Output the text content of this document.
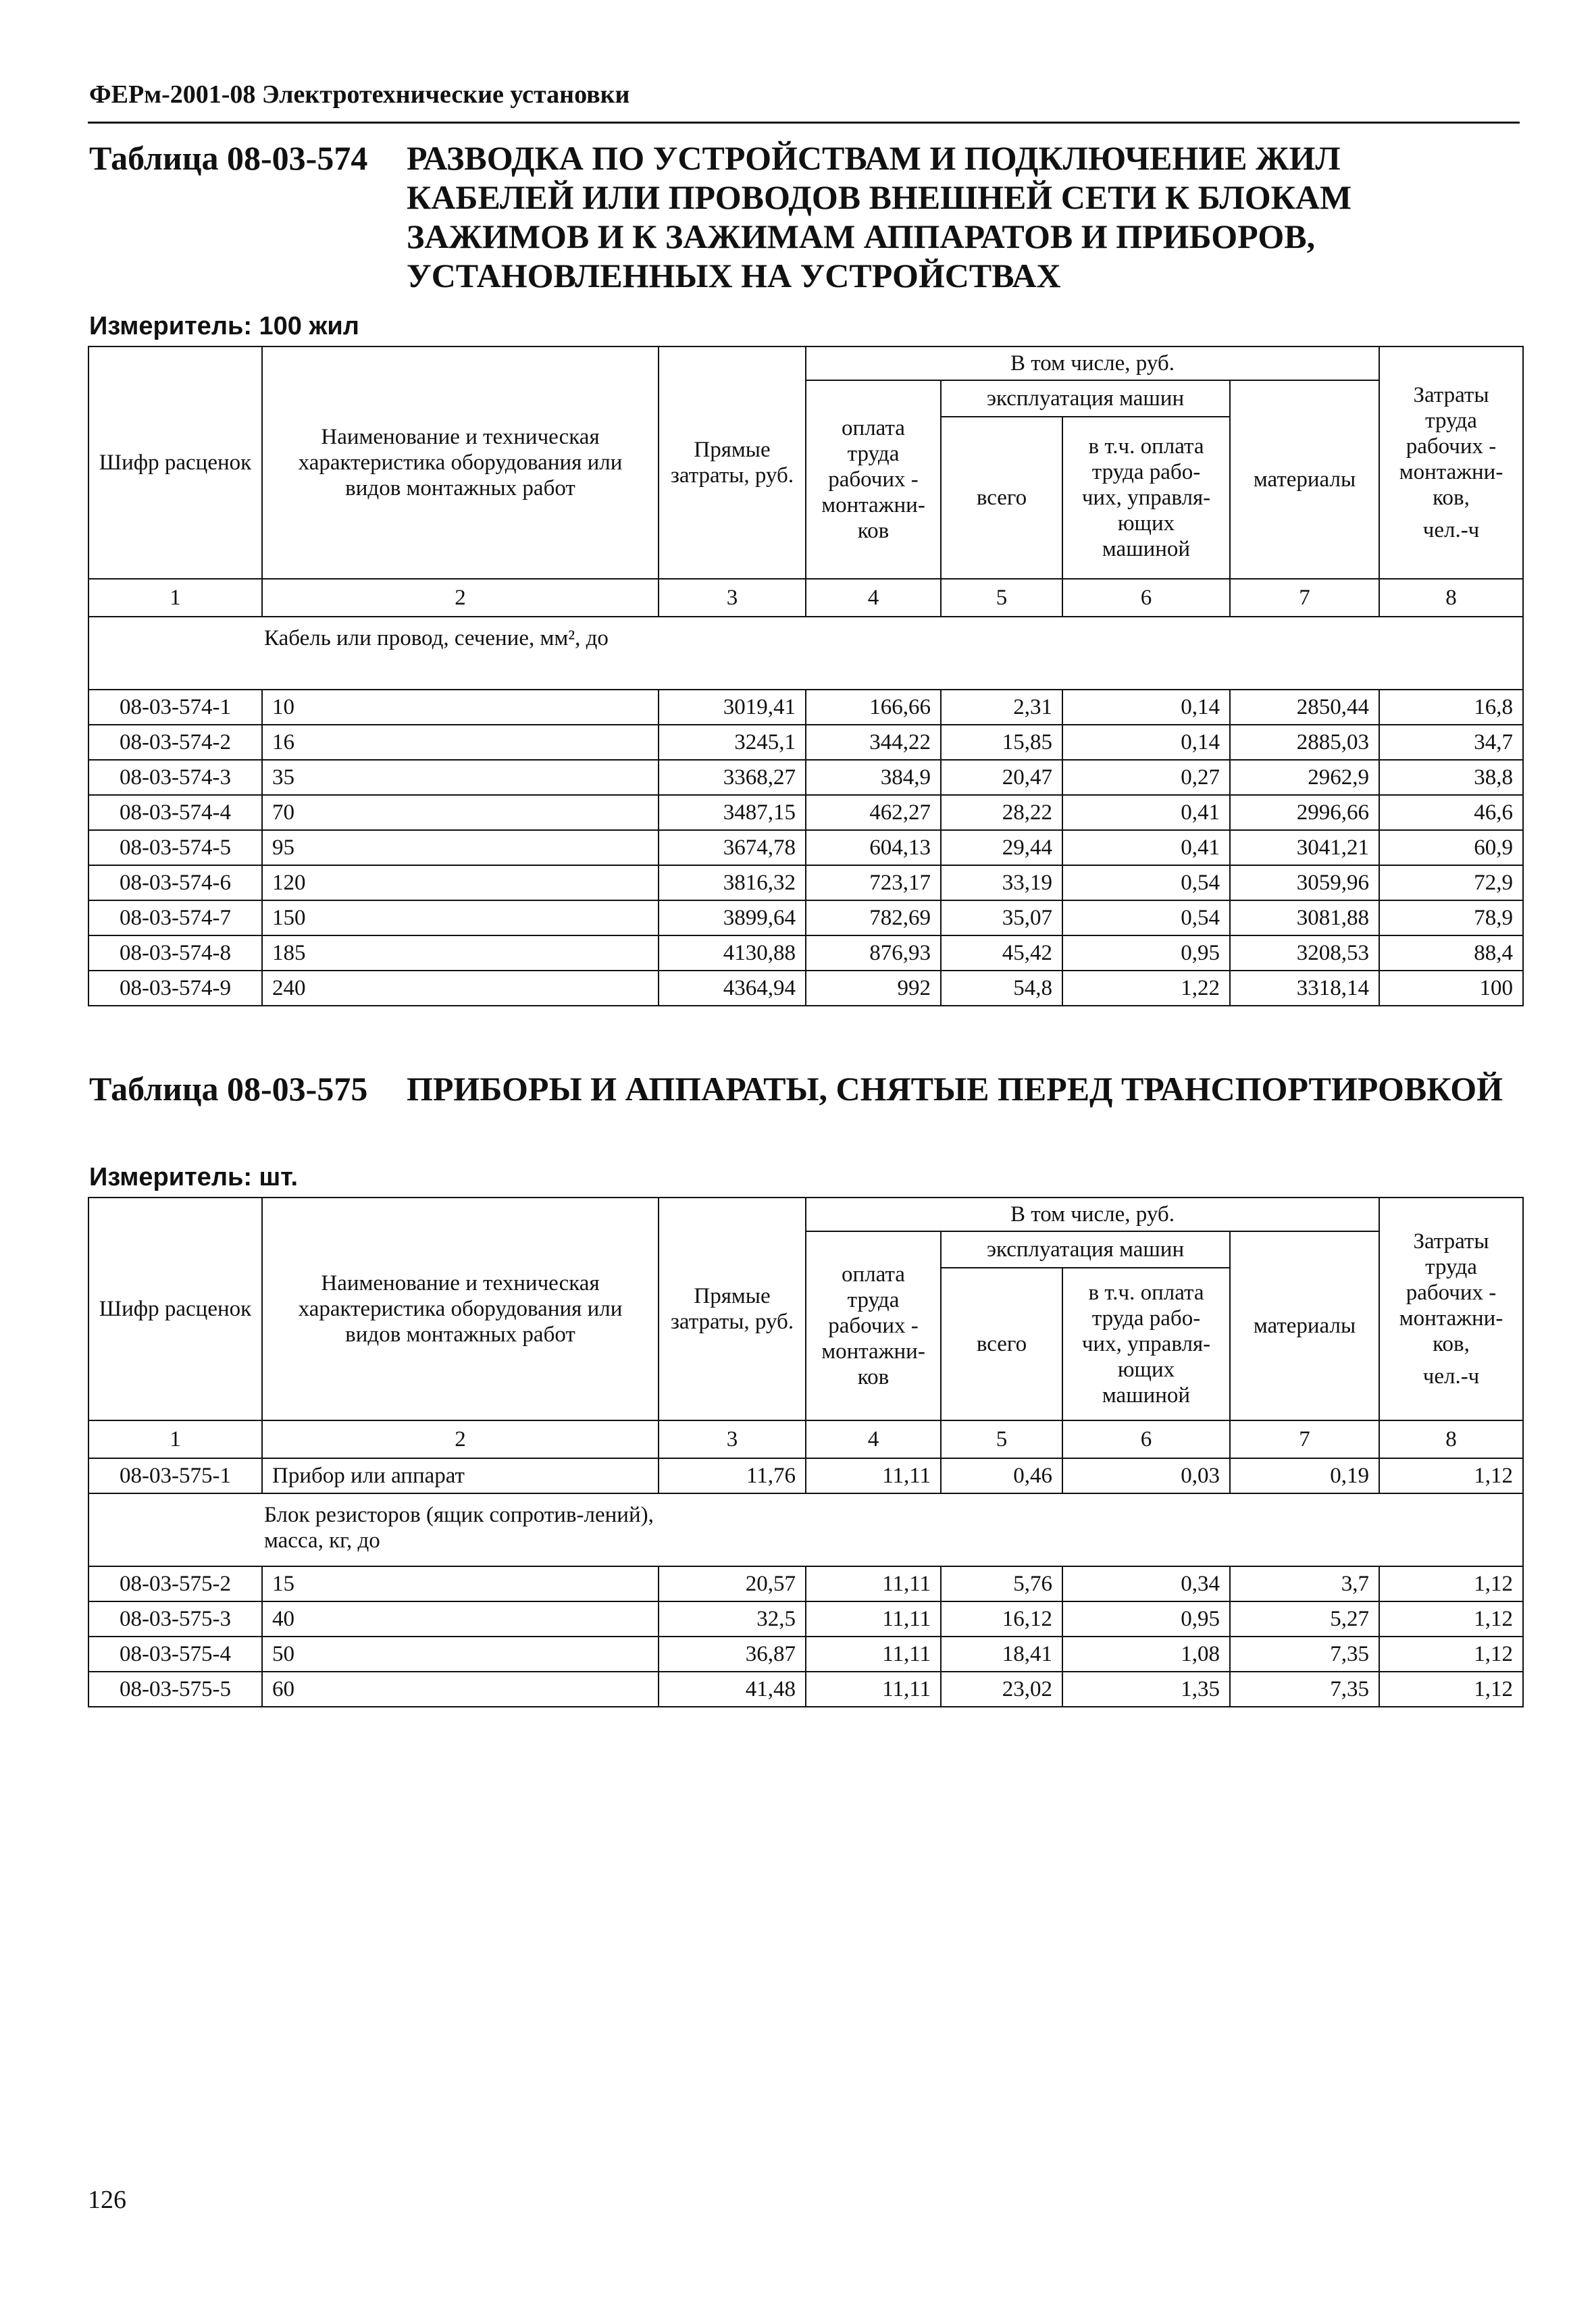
ФЕРм-2001-08 Электротехнические установки
Таблица 08-03-574 РАЗВОДКА ПО УСТРОЙСТВАМ И ПОДКЛЮЧЕНИЕ ЖИЛ КАБЕЛЕЙ ИЛИ ПРОВОДОВ ВНЕШНЕЙ СЕТИ К БЛОКАМ ЗАЖИМОВ И К ЗАЖИМАМ АППАРАТОВ И ПРИБОРОВ, УСТАНОВЛЕННЫХ НА УСТРОЙСТВАХ
Измеритель: 100 жил
Шифр расценок	Наименование и техническая характеристика оборудования или видов монтажных работ	Прямые затраты, руб.	В том числе, руб.				Затраты труда рабочих - монтажни-ков,
чел.-ч

			оплата труда рабочих - монтажни-ков	эксплуатация машин		материалы	
				всего	в т.ч. оплата труда рабо-чих, управля-ющих машиной		
1	2	3	4	5	6	7	8

Кабель или провод, сечение, мм², до							

08-03-574-1	10	3019,41	166,66	2,31	0,14	2850,44	16,8
08-03-574-2	16	3245,1	344,22	15,85	0,14	2885,03	34,7
08-03-574-3	35	3368,27	384,9	20,47	0,27	2962,9	38,8
08-03-574-4	70	3487,15	462,27	28,22	0,41	2996,66	46,6
08-03-574-5	95	3674,78	604,13	29,44	0,41	3041,21	60,9
08-03-574-6	120	3816,32	723,17	33,19	0,54	3059,96	72,9
08-03-574-7	150	3899,64	782,69	35,07	0,54	3081,88	78,9
08-03-574-8	185	4130,88	876,93	45,42	0,95	3208,53	88,4
08-03-574-9	240	4364,94	992	54,8	1,22	3318,14	100
Таблица 08-03-575 ПРИБОРЫ И АППАРАТЫ, СНЯТЫЕ ПЕРЕД ТРАНСПОРТИРОВКОЙ
Измеритель: шт.
Шифр расценок	Наименование и техническая характеристика оборудования или видов монтажных работ	Прямые затраты, руб.	В том числе, руб.				Затраты труда рабочих - монтажни-ков,
чел.-ч

			оплата труда рабочих - монтажни-ков	эксплуатация машин		материалы	
				всего	в т.ч. оплата труда рабо-чих, управля-ющих машиной		
1	2	3	4	5	6	7	8
08-03-575-1	Прибор или аппарат	11,76	11,11	0,46	0,03	0,19	1,12

Блок резисторов (ящик сопротив-лений), масса, кг, до							

08-03-575-2	15	20,57	11,11	5,76	0,34	3,7	1,12
08-03-575-3	40	32,5	11,11	16,12	0,95	5,27	1,12
08-03-575-4	50	36,87	11,11	18,41	1,08	7,35	1,12
08-03-575-5	60	41,48	11,11	23,02	1,35	7,35	1,12
126
